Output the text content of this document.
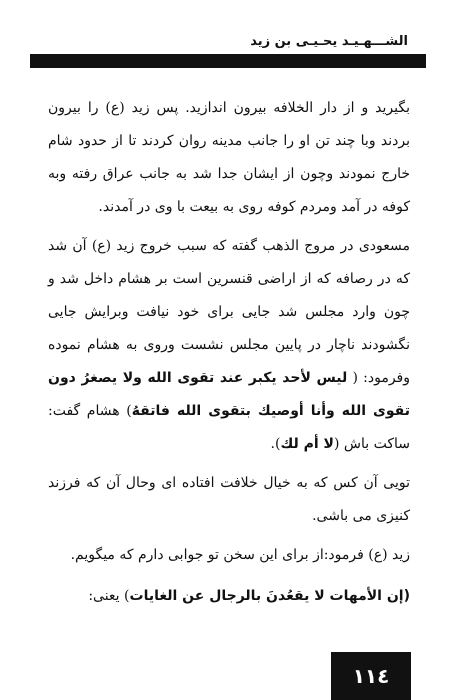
الشـــهـيـد يحـيـى بن زيد

بگیرید و از دار الخلافه بیرون اندازید. پس زید (ع) را بیرون بردند وبا چند تن او را جانب مدینه روان کردند تا از حدود شام خارج نمودند وچون از ایشان جدا شد به جانب عراق رفته وبه کوفه در آمد ومردم کوفه روی به بیعت با وی در آمدند.

مسعودی در مروج الذهب گفته که سبب خروج زید (ع) آن شد که در رصافه که از اراضی قنسرین است بر هشام داخل شد و چون وارد مجلس شد جایی برای خود نیافت وبرایش جایی نگشودند ناچار در پایین مجلس نشست وروی به هشام نموده وفرمود: ( ليس لأحد يكبر عند تقوى الله ولا يصغرُ دون تقوى الله وأنا أوصيك بتقوى الله فاتقهُ) هشام گفت: ساکت باش (لا أم لك).

تویی آن کس که به خیال خلافت افتاده ای وحال آن که فرزند کنیزی می باشی.

زید (ع) فرمود:از برای این سخن تو جوابی دارم که میگویم.

(إن الأمهات لا يقعُدنَ بالرجال عن الغايات) یعنی:

١١٤
